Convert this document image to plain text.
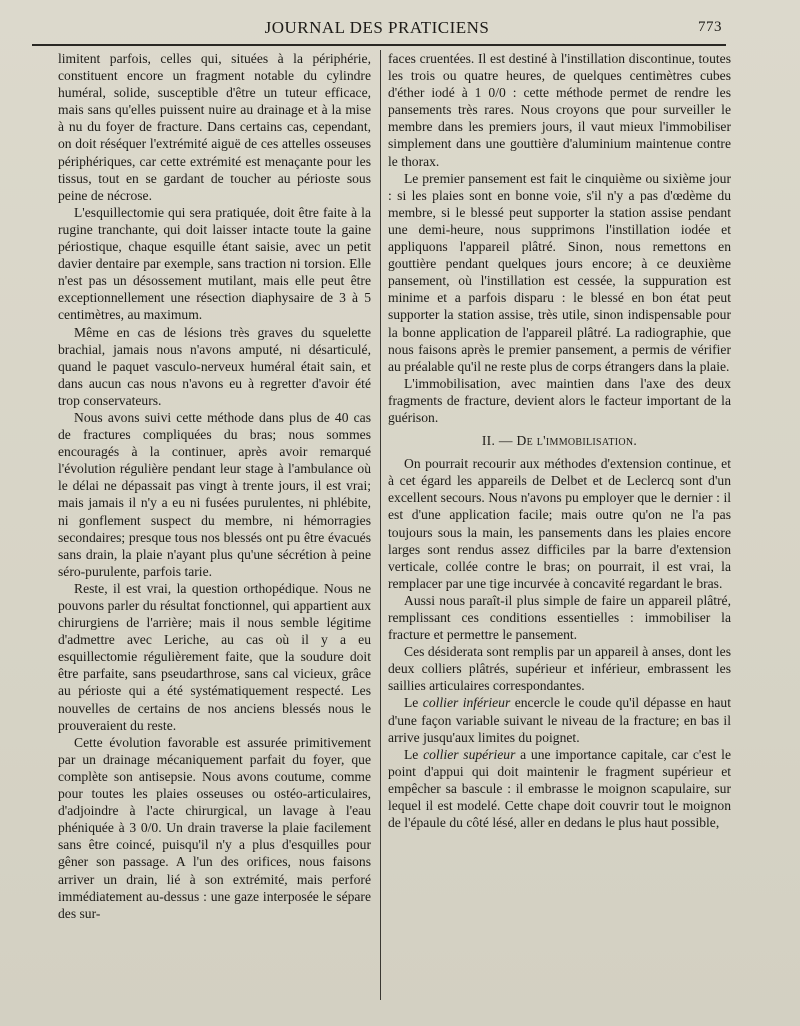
JOURNAL DES PRATICIENS	773

limitent parfois, celles qui, situées à la périphérie, constituent encore un fragment notable du cylindre huméral, solide, susceptible d'être un tuteur efficace, mais sans qu'elles puissent nuire au drainage et à la mise à nu du foyer de fracture. Dans certains cas, cependant, on doit réséquer l'extrémité aiguë de ces attelles osseuses périphériques, car cette extrémité est menaçante pour les tissus, tout en se gardant de toucher au périoste sous peine de nécrose.

L'esquillectomie qui sera pratiquée, doit être faite à la rugine tranchante, qui doit laisser intacte toute la gaine périostique, chaque esquille étant saisie, avec un petit davier dentaire par exemple, sans traction ni torsion. Elle n'est pas un désossement mutilant, mais elle peut être exceptionnellement une résection diaphysaire de 3 à 5 centimètres, au maximum.

Même en cas de lésions très graves du squelette brachial, jamais nous n'avons amputé, ni désarticulé, quand le paquet vasculo-nerveux huméral était sain, et dans aucun cas nous n'avons eu à regretter d'avoir été trop conservateurs.

Nous avons suivi cette méthode dans plus de 40 cas de fractures compliquées du bras; nous sommes encouragés à la continuer, après avoir remarqué l'évolution régulière pendant leur stage à l'ambulance où le délai ne dépassait pas vingt à trente jours, il est vrai; mais jamais il n'y a eu ni fusées purulentes, ni phlébite, ni gonflement suspect du membre, ni hémorragies secondaires; presque tous nos blessés ont pu être évacués sans drain, la plaie n'ayant plus qu'une sécrétion à peine séro-purulente, parfois tarie.

Reste, il est vrai, la question orthopédique. Nous ne pouvons parler du résultat fonctionnel, qui appartient aux chirurgiens de l'arrière; mais il nous semble légitime d'admettre avec Leriche, au cas où il y a eu esquillectomie régulièrement faite, que la soudure doit être parfaite, sans pseudarthrose, sans cal vicieux, grâce au périoste qui a été systématiquement respecté. Les nouvelles de certains de nos anciens blessés nous le prouveraient du reste.

Cette évolution favorable est assurée primitivement par un drainage mécaniquement parfait du foyer, que complète son antisepsie. Nous avons coutume, comme pour toutes les plaies osseuses ou ostéo-articulaires, d'adjoindre à l'acte chirurgical, un lavage à l'eau phéniquée à 3 0/0. Un drain traverse la plaie facilement sans être coincé, puisqu'il n'y a plus d'esquilles pour gêner son passage. A l'un des orifices, nous faisons arriver un drain, lié à son extrémité, mais perforé immédiatement au-dessus : une gaze interposée le sépare des sur-

faces cruentées. Il est destiné à l'instillation discontinue, toutes les trois ou quatre heures, de quelques centimètres cubes d'éther iodé à 1 0/0 : cette méthode permet de rendre les pansements très rares. Nous croyons que pour surveiller le membre dans les premiers jours, il vaut mieux l'immobiliser simplement dans une gouttière d'aluminium maintenue contre le thorax.

Le premier pansement est fait le cinquième ou sixième jour : si les plaies sont en bonne voie, s'il n'y a pas d'œdème du membre, si le blessé peut supporter la station assise pendant une demi-heure, nous supprimons l'instillation iodée et appliquons l'appareil plâtré. Sinon, nous remettons en gouttière pendant quelques jours encore; à ce deuxième pansement, où l'instillation est cessée, la suppuration est minime et a parfois disparu : le blessé en bon état peut supporter la station assise, très utile, sinon indispensable pour la bonne application de l'appareil plâtré. La radiographie, que nous faisons après le premier pansement, a permis de vérifier au préalable qu'il ne reste plus de corps étrangers dans la plaie.

L'immobilisation, avec maintien dans l'axe des deux fragments de fracture, devient alors le facteur important de la guérison.

II. — De l'immobilisation.

On pourrait recourir aux méthodes d'extension continue, et à cet égard les appareils de Delbet et de Leclercq sont d'un excellent secours. Nous n'avons pu employer que le dernier : il est d'une application facile; mais outre qu'on ne l'a pas toujours sous la main, les pansements dans les plaies encore larges sont rendus assez difficiles par la barre d'extension verticale, collée contre le bras; on pourrait, il est vrai, la remplacer par une tige incurvée à concavité regardant le bras.

Aussi nous paraît-il plus simple de faire un appareil plâtré, remplissant ces conditions essentielles : immobiliser la fracture et permettre le pansement.

Ces désiderata sont remplis par un appareil à anses, dont les deux colliers plâtrés, supérieur et inférieur, embrassent les saillies articulaires correspondantes.

Le collier inférieur encercle le coude qu'il dépasse en haut d'une façon variable suivant le niveau de la fracture; en bas il arrive jusqu'aux limites du poignet.

Le collier supérieur a une importance capitale, car c'est le point d'appui qui doit maintenir le fragment supérieur et empêcher sa bascule : il embrasse le moignon scapulaire, sur lequel il est modelé. Cette chape doit couvrir tout le moignon de l'épaule du côté lésé, aller en dedans le plus haut possible,
